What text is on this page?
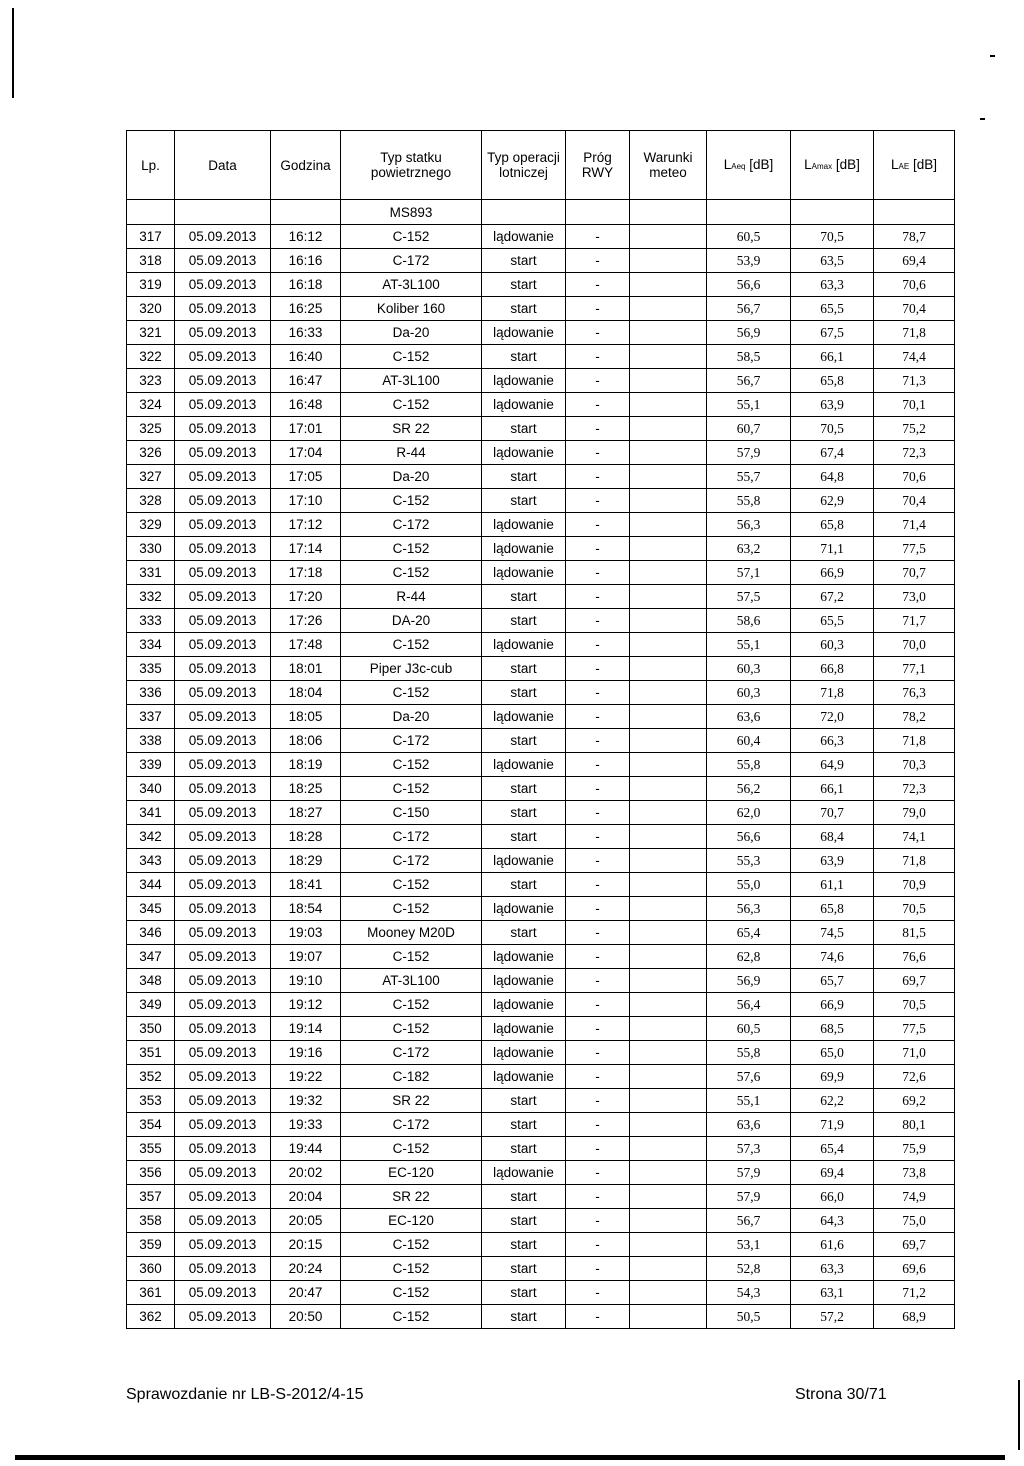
Lp.	Data	Godzina	Typ statku powietrznego	Typ operacji lotniczej	Próg RWY	Warunki meteo	LAeq [dB]	LAmax [dB]	LAE [dB]
			MS893						
317	05.09.2013	16:12	C-152	lądowanie	-		60,5	70,5	78,7
318	05.09.2013	16:16	C-172	start	-		53,9	63,5	69,4
319	05.09.2013	16:18	AT-3L100	start	-		56,6	63,3	70,6
320	05.09.2013	16:25	Koliber 160	start	-		56,7	65,5	70,4
321	05.09.2013	16:33	Da-20	lądowanie	-		56,9	67,5	71,8
322	05.09.2013	16:40	C-152	start	-		58,5	66,1	74,4
323	05.09.2013	16:47	AT-3L100	lądowanie	-		56,7	65,8	71,3
324	05.09.2013	16:48	C-152	lądowanie	-		55,1	63,9	70,1
325	05.09.2013	17:01	SR 22	start	-		60,7	70,5	75,2
326	05.09.2013	17:04	R-44	lądowanie	-		57,9	67,4	72,3
327	05.09.2013	17:05	Da-20	start	-		55,7	64,8	70,6
328	05.09.2013	17:10	C-152	start	-		55,8	62,9	70,4
329	05.09.2013	17:12	C-172	lądowanie	-		56,3	65,8	71,4
330	05.09.2013	17:14	C-152	lądowanie	-		63,2	71,1	77,5
331	05.09.2013	17:18	C-152	lądowanie	-		57,1	66,9	70,7
332	05.09.2013	17:20	R-44	start	-		57,5	67,2	73,0
333	05.09.2013	17:26	DA-20	start	-		58,6	65,5	71,7
334	05.09.2013	17:48	C-152	lądowanie	-		55,1	60,3	70,0
335	05.09.2013	18:01	Piper J3c-cub	start	-		60,3	66,8	77,1
336	05.09.2013	18:04	C-152	start	-		60,3	71,8	76,3
337	05.09.2013	18:05	Da-20	lądowanie	-		63,6	72,0	78,2
338	05.09.2013	18:06	C-172	start	-		60,4	66,3	71,8
339	05.09.2013	18:19	C-152	lądowanie	-		55,8	64,9	70,3
340	05.09.2013	18:25	C-152	start	-		56,2	66,1	72,3
341	05.09.2013	18:27	C-150	start	-		62,0	70,7	79,0
342	05.09.2013	18:28	C-172	start	-		56,6	68,4	74,1
343	05.09.2013	18:29	C-172	lądowanie	-		55,3	63,9	71,8
344	05.09.2013	18:41	C-152	start	-		55,0	61,1	70,9
345	05.09.2013	18:54	C-152	lądowanie	-		56,3	65,8	70,5
346	05.09.2013	19:03	Mooney M20D	start	-		65,4	74,5	81,5
347	05.09.2013	19:07	C-152	lądowanie	-		62,8	74,6	76,6
348	05.09.2013	19:10	AT-3L100	lądowanie	-		56,9	65,7	69,7
349	05.09.2013	19:12	C-152	lądowanie	-		56,4	66,9	70,5
350	05.09.2013	19:14	C-152	lądowanie	-		60,5	68,5	77,5
351	05.09.2013	19:16	C-172	lądowanie	-		55,8	65,0	71,0
352	05.09.2013	19:22	C-182	lądowanie	-		57,6	69,9	72,6
353	05.09.2013	19:32	SR 22	start	-		55,1	62,2	69,2
354	05.09.2013	19:33	C-172	start	-		63,6	71,9	80,1
355	05.09.2013	19:44	C-152	start	-		57,3	65,4	75,9
356	05.09.2013	20:02	EC-120	lądowanie	-		57,9	69,4	73,8
357	05.09.2013	20:04	SR 22	start	-		57,9	66,0	74,9
358	05.09.2013	20:05	EC-120	start	-		56,7	64,3	75,0
359	05.09.2013	20:15	C-152	start	-		53,1	61,6	69,7
360	05.09.2013	20:24	C-152	start	-		52,8	63,3	69,6
361	05.09.2013	20:47	C-152	start	-		54,3	63,1	71,2
362	05.09.2013	20:50	C-152	start	-		50,5	57,2	68,9
Sprawozdanie nr LB-S-2012/4-15	Strona 30/71
